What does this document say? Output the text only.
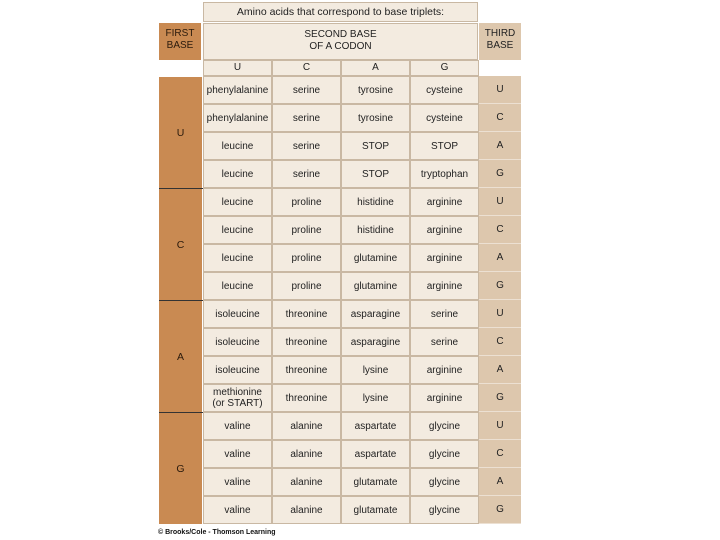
Amino acids that correspond to base triplets:
FIRST
BASE
SECOND BASE
OF A CODON
THIRD
BASE
© Brooks/Cole - Thomson Learning
U	C	A	G
U
phenylalanine	serine	tyrosine	cysteine	U
phenylalanine	serine	tyrosine	cysteine	C
leucine	serine	STOP	STOP	A
leucine	serine	STOP	tryptophan	G
C
leucine	proline	histidine	arginine	U
leucine	proline	histidine	arginine	C
leucine	proline	glutamine	arginine	A
leucine	proline	glutamine	arginine	G
A
isoleucine	threonine	asparagine	serine	U
isoleucine	threonine	asparagine	serine	C
isoleucine	threonine	lysine	arginine	A
methionine
(or START)	threonine	lysine	arginine	G
G
valine	alanine	aspartate	glycine	U
valine	alanine	aspartate	glycine	C
valine	alanine	glutamate	glycine	A
valine	alanine	glutamate	glycine	G
